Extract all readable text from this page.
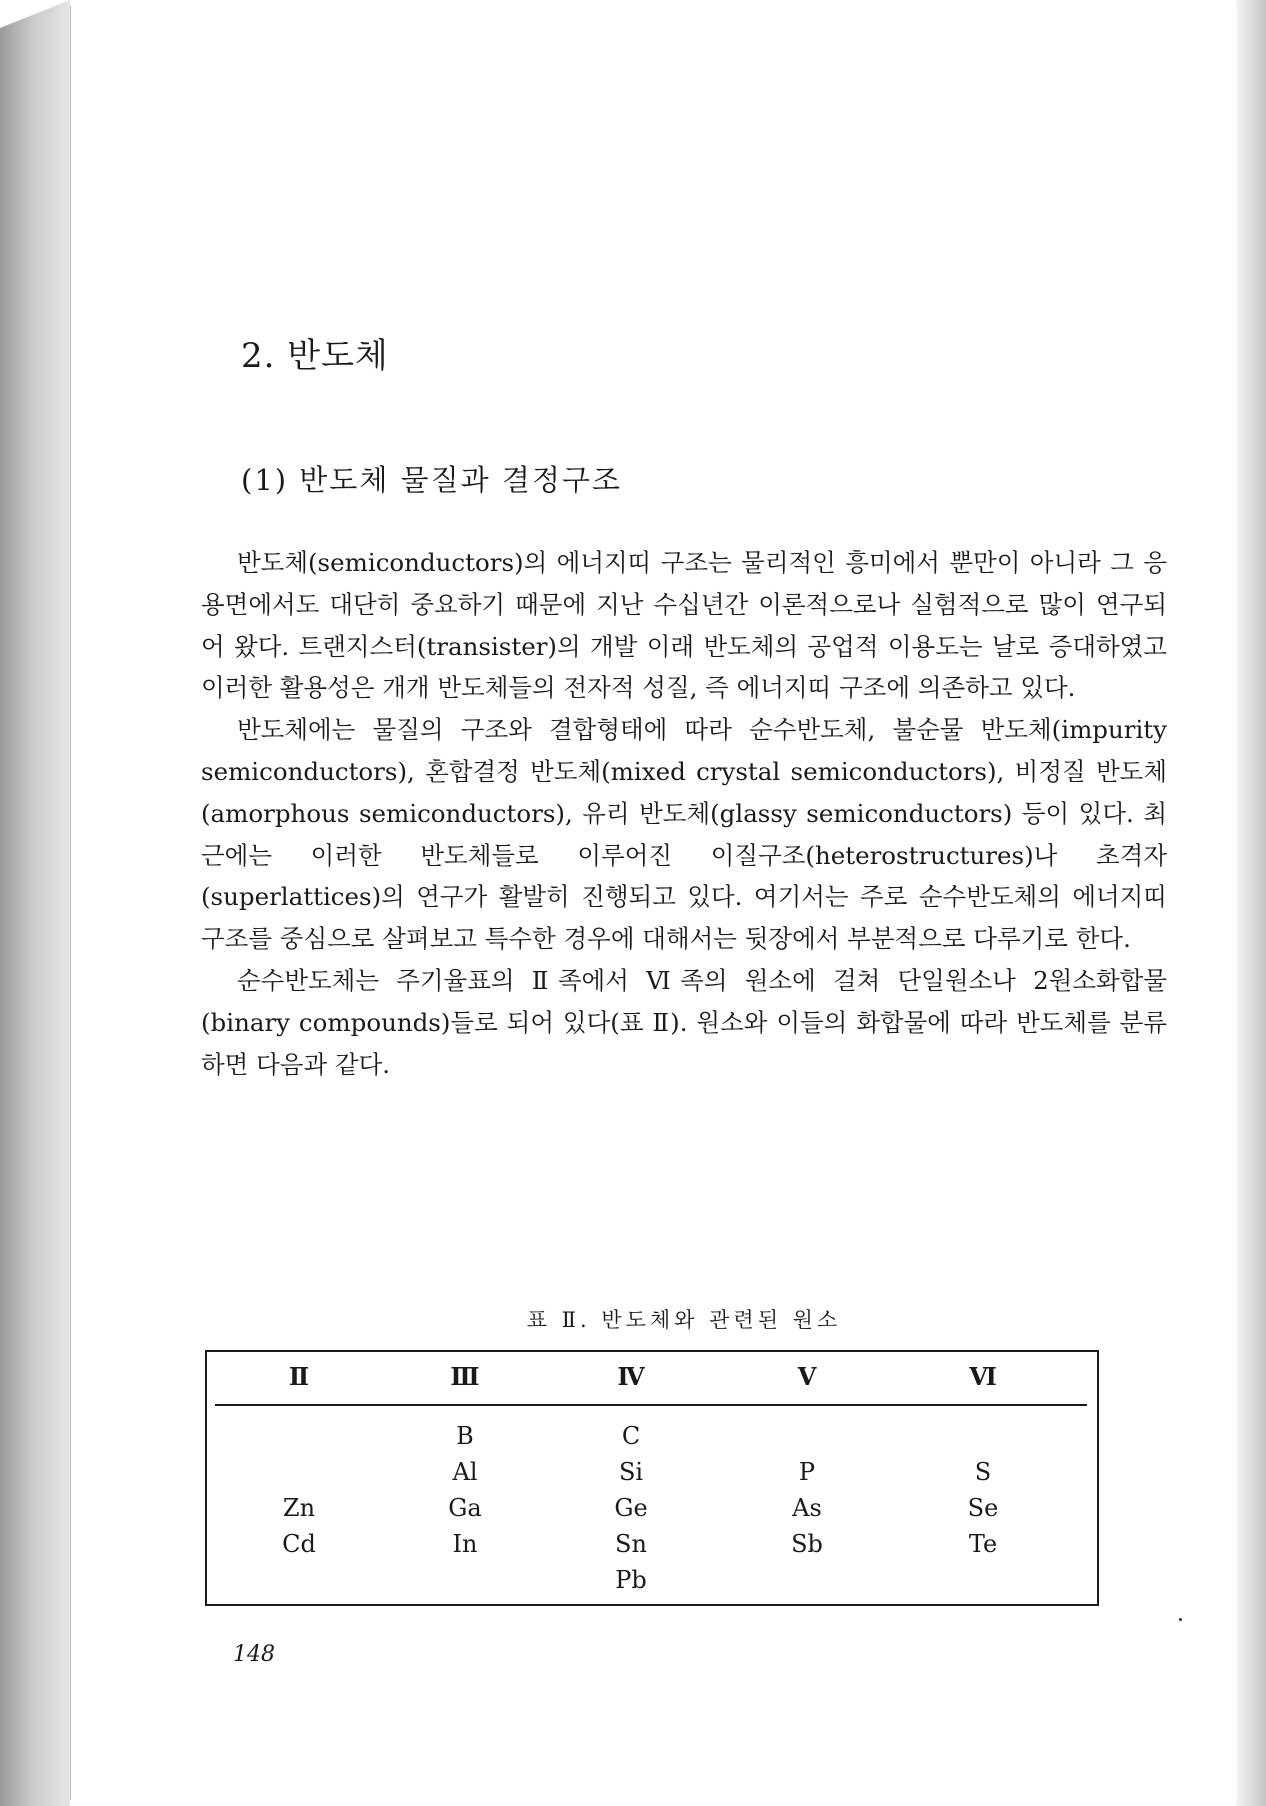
2. 반도체
(1) 반도체 물질과 결정구조

반도체(semiconductors)의 에너지띠 구조는 물리적인 흥미에서 뿐만이 아니라 그 응용면에서도 대단히 중요하기 때문에 지난 수십년간 이론적으로나 실험적으로 많이 연구되어 왔다. 트랜지스터(transister)의 개발 이래 반도체의 공업적 이용도는 날로 증대하였고 이러한 활용성은 개개 반도체들의 전자적 성질, 즉 에너지띠 구조에 의존하고 있다.

반도체에는 물질의 구조와 결합형태에 따라 순수반도체, 불순물 반도체(impurity semiconductors), 혼합결정 반도체(mixed crystal semiconductors), 비정질 반도체(amorphous semiconductors), 유리 반도체(glassy semiconductors) 등이 있다. 최근에는 이러한 반도체들로 이루어진 이질구조(heterostructures)나 초격자(superlattices)의 연구가 활발히 진행되고 있다. 여기서는 주로 순수반도체의 에너지띠 구조를 중심으로 살펴보고 특수한 경우에 대해서는 뒷장에서 부분적으로 다루기로 한다.

순수반도체는 주기율표의 Ⅱ족에서 Ⅵ족의 원소에 걸쳐 단일원소나 2원소화합물(binary compounds)들로 되어 있다(표 Ⅱ). 원소와 이들의 화합물에 따라 반도체를 분류하면 다음과 같다.

표 Ⅱ. 반도체와 관련된 원소
Ⅱ
Zn
Cd
Ⅲ
B
Al
Ga
In
Ⅳ
C
Si
Ge
Sn
Pb
Ⅴ
P
As
Sb
Ⅵ
S
Se
Te
148
